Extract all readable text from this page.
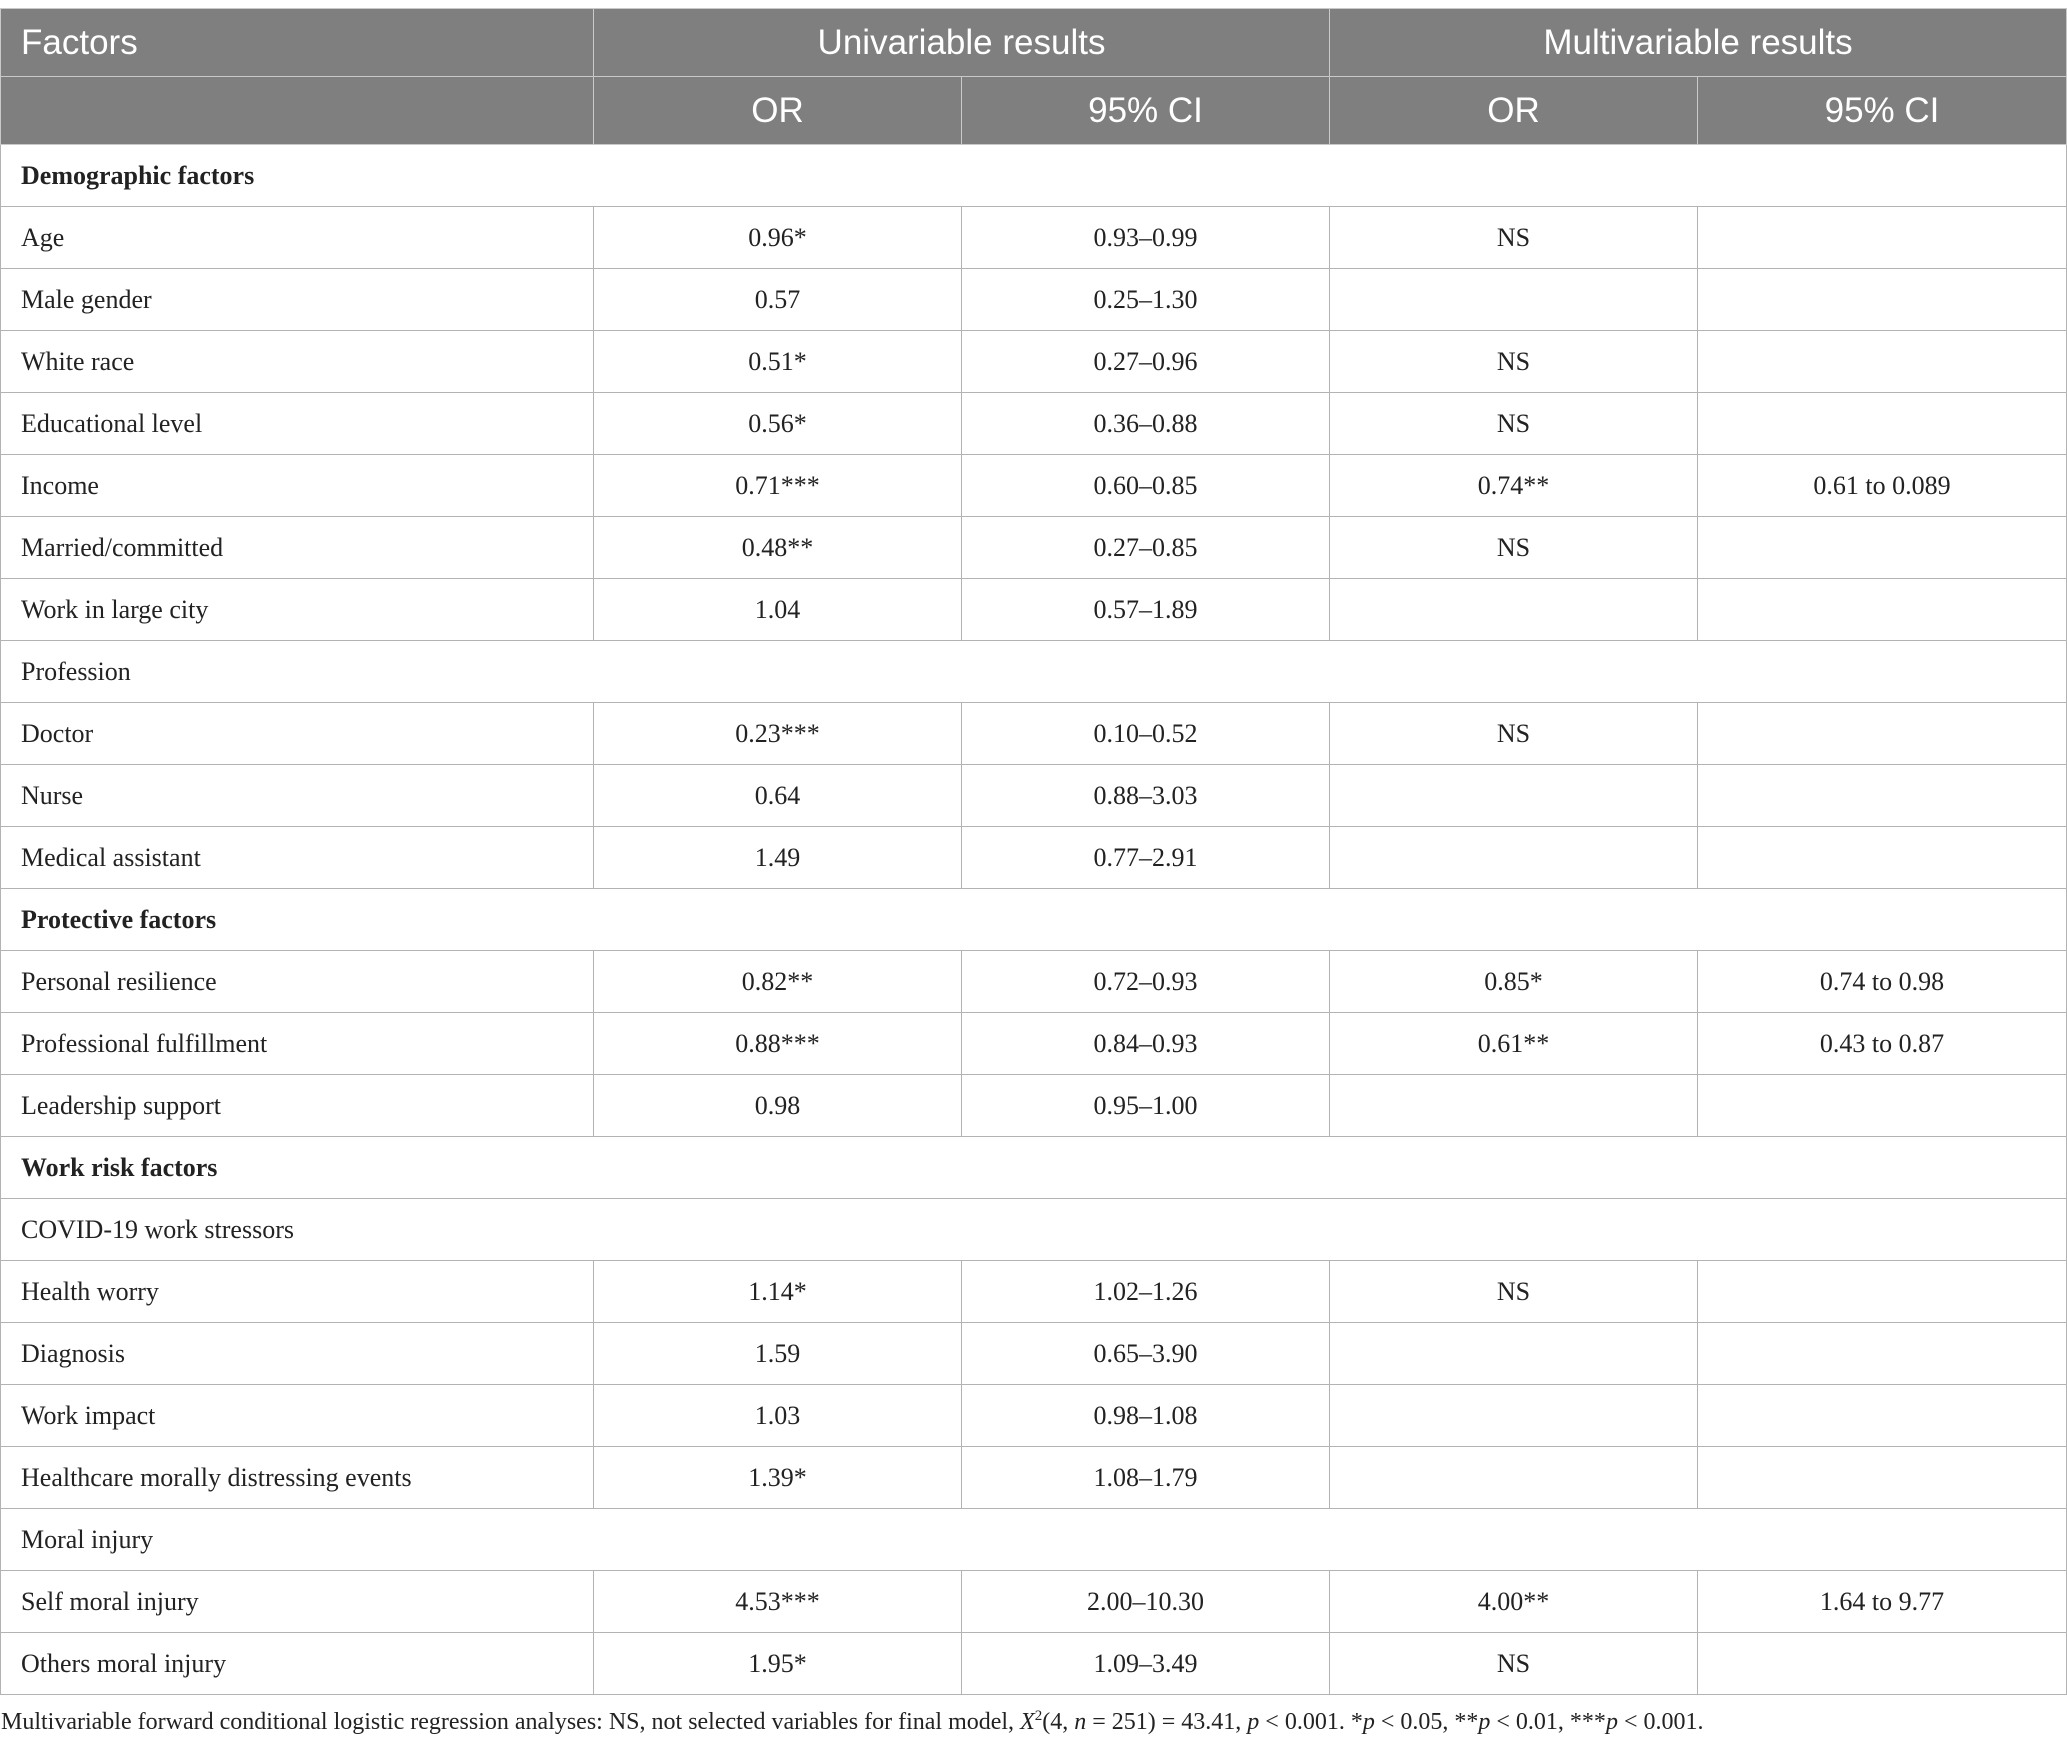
Factors	Univariable results		Multivariable results	
	OR	95% CI	OR	95% CI
Demographic factors				
Age	0.96*	0.93–0.99	NS	
Male gender	0.57	0.25–1.30		
White race	0.51*	0.27–0.96	NS	
Educational level	0.56*	0.36–0.88	NS	
Income	0.71***	0.60–0.85	0.74**	0.61 to 0.089
Married/committed	0.48**	0.27–0.85	NS	
Work in large city	1.04	0.57–1.89		
Profession				
Doctor	0.23***	0.10–0.52	NS	
Nurse	0.64	0.88–3.03		
Medical assistant	1.49	0.77–2.91		
Protective factors				
Personal resilience	0.82**	0.72–0.93	0.85*	0.74 to 0.98
Professional fulfillment	0.88***	0.84–0.93	0.61**	0.43 to 0.87
Leadership support	0.98	0.95–1.00		
Work risk factors				
COVID-19 work stressors				
Health worry	1.14*	1.02–1.26	NS	
Diagnosis	1.59	0.65–3.90		
Work impact	1.03	0.98–1.08		
Healthcare morally distressing events	1.39*	1.08–1.79		
Moral injury				
Self moral injury	4.53***	2.00–10.30	4.00**	1.64 to 9.77
Others moral injury	1.95*	1.09–3.49	NS	

Multivariable forward conditional logistic regression analyses: NS, not selected variables for final model, $X^2(4$, n = 251) = 43.41, p < 0.001. *p < 0.05, **p < 0.01, ***p < 0.001.
